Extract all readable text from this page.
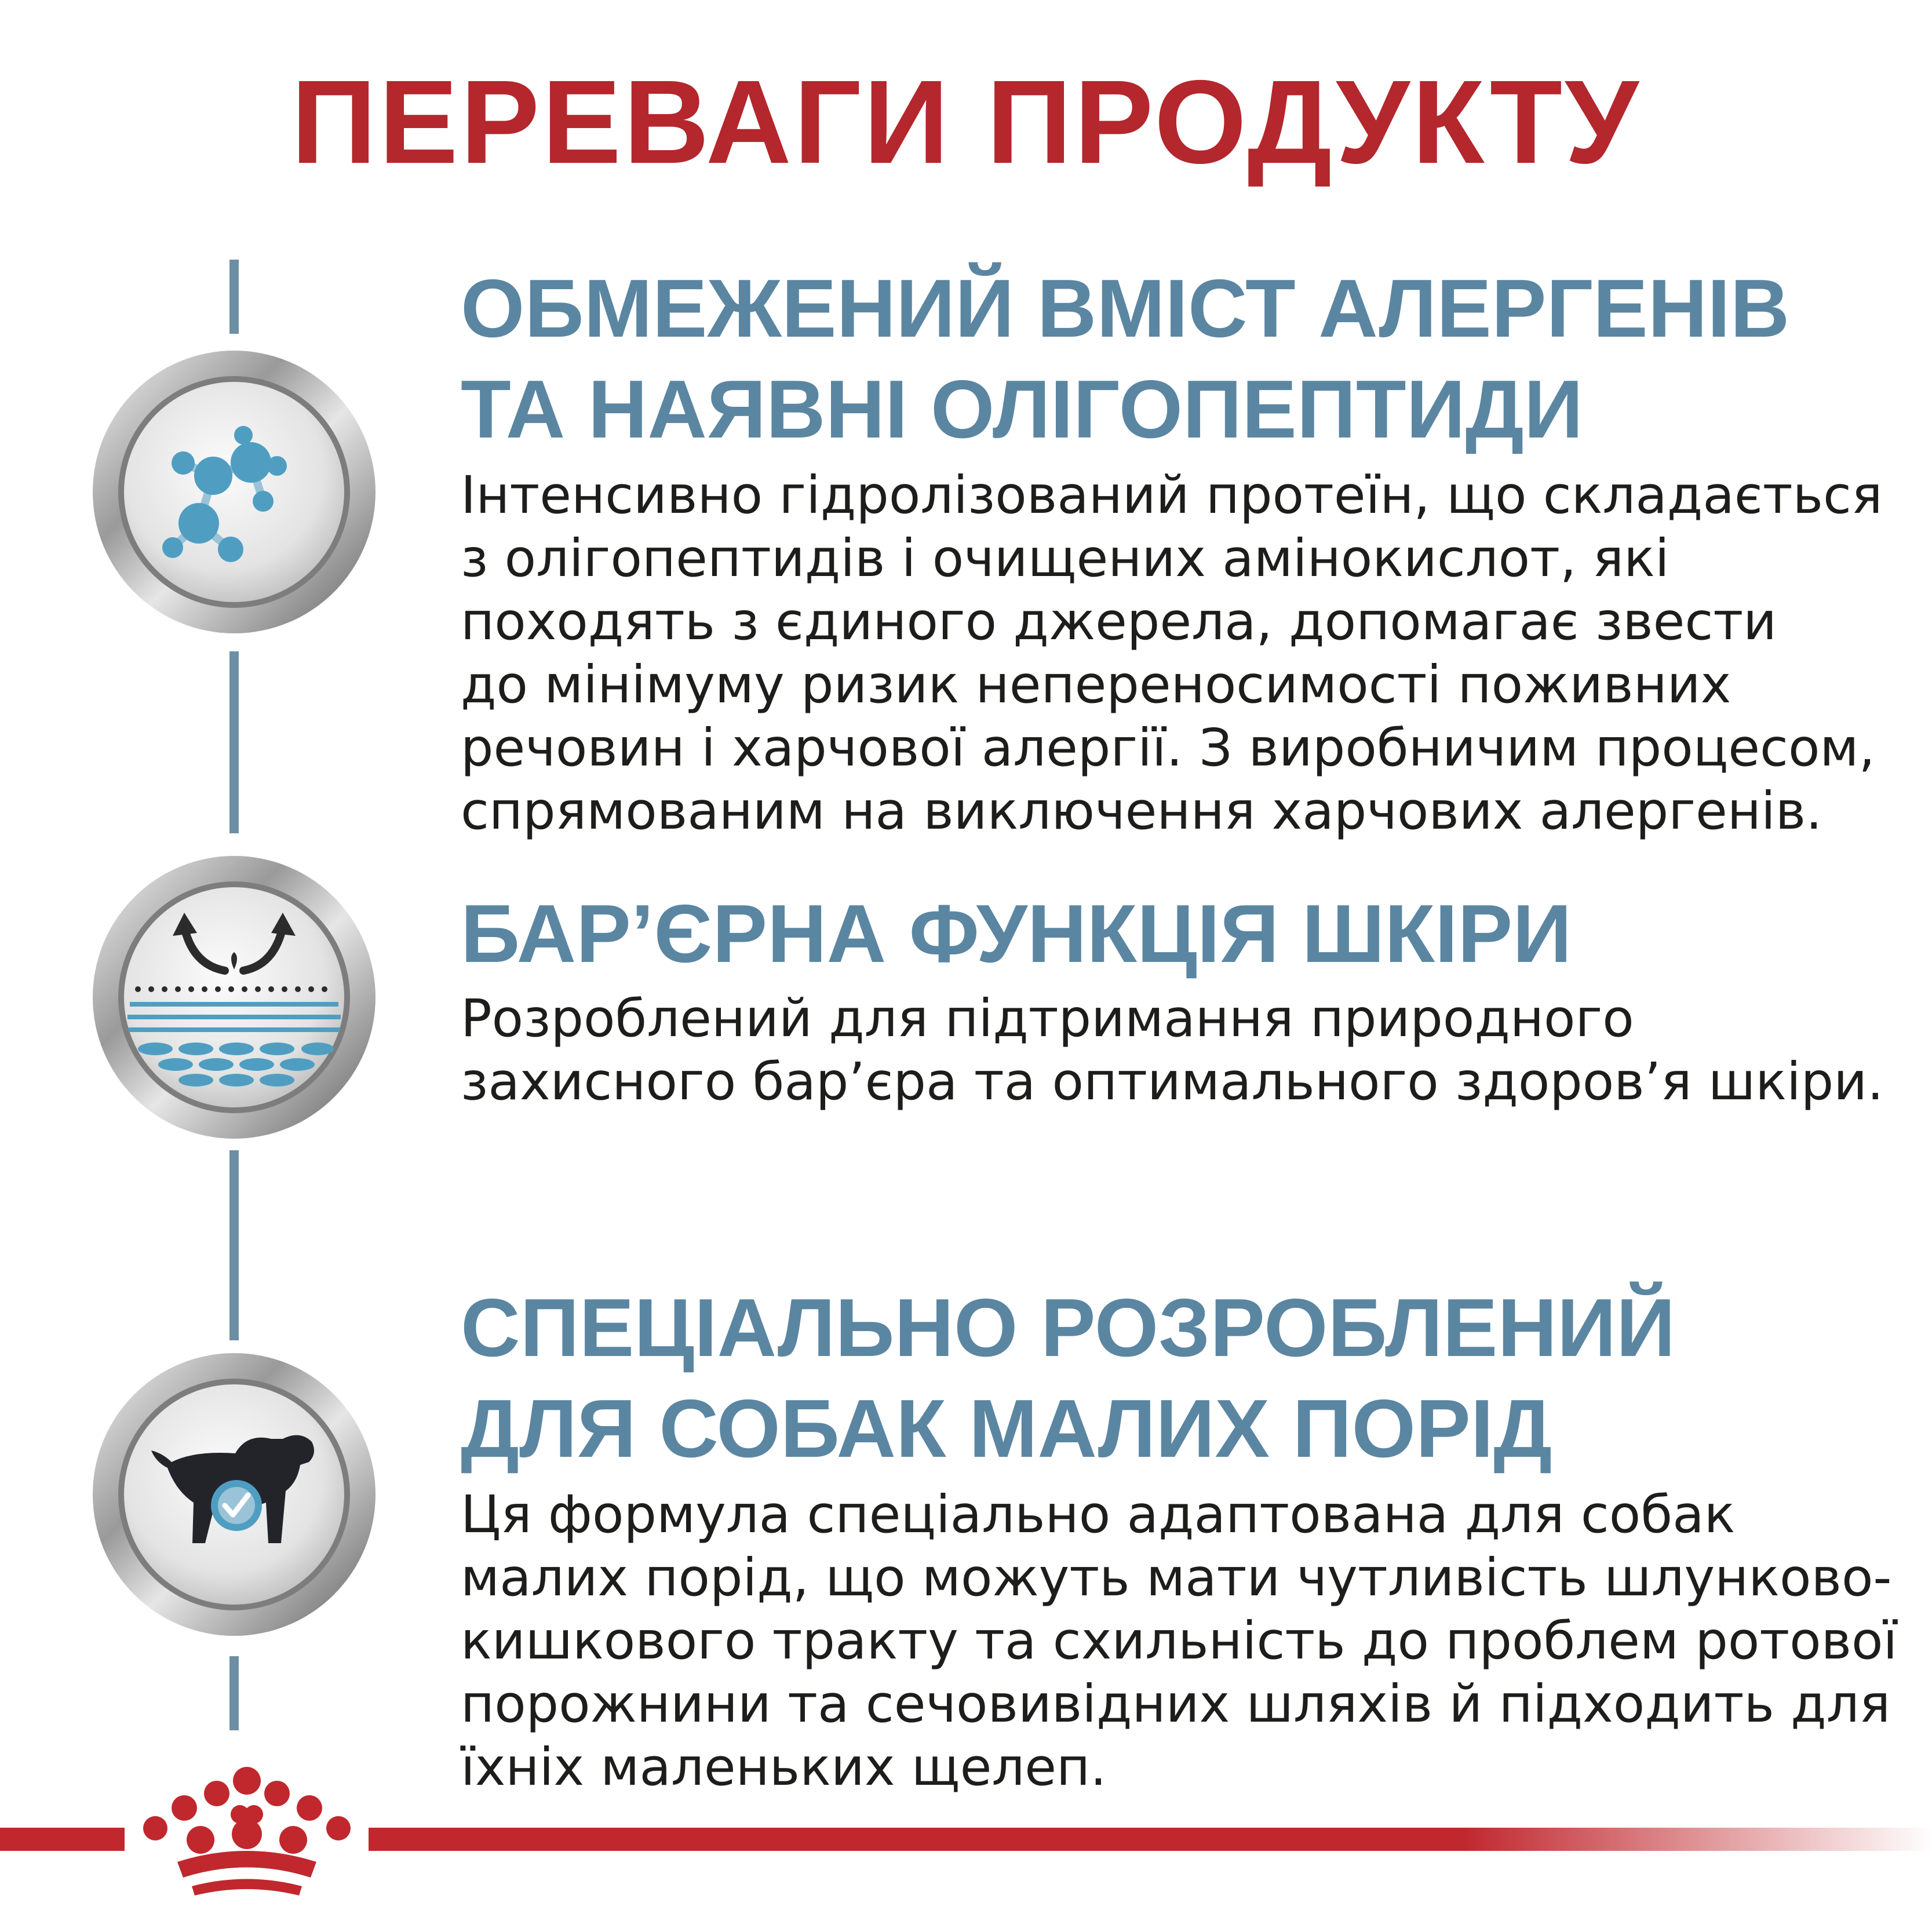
ПЕРЕВАГИ ПРОДУКТУ
ОБМЕЖЕНИЙ ВМІСТ АЛЕРГЕНІВ
ТА НАЯВНІ ОЛІГОПЕПТИДИ

Інтенсивно гідролізований протеїн, що складається
з олігопептидів і очищених амінокислот, які
походять з єдиного джерела, допомагає звести
до мінімуму ризик неперeносимості поживних
речовин і харчової алергії. З виробничим процесом,
спрямованим на виключення харчових алергенів.

БАР’ЄРНА ФУНКЦІЯ ШКІРИ

Розроблений для підтримання природного
захисного бар’єра та оптимального здоров’я шкіри.

СПЕЦІАЛЬНО РОЗРОБЛЕНИЙ
ДЛЯ СОБАК МАЛИХ ПОРІД

Ця формула спеціально адаптована для собак
малих порід, що можуть мати чутливість шлунково-
кишкового тракту та схильність до проблем ротової
порожнини та сечовивідних шляхів й підходить для
їхніх маленьких щелеп.
